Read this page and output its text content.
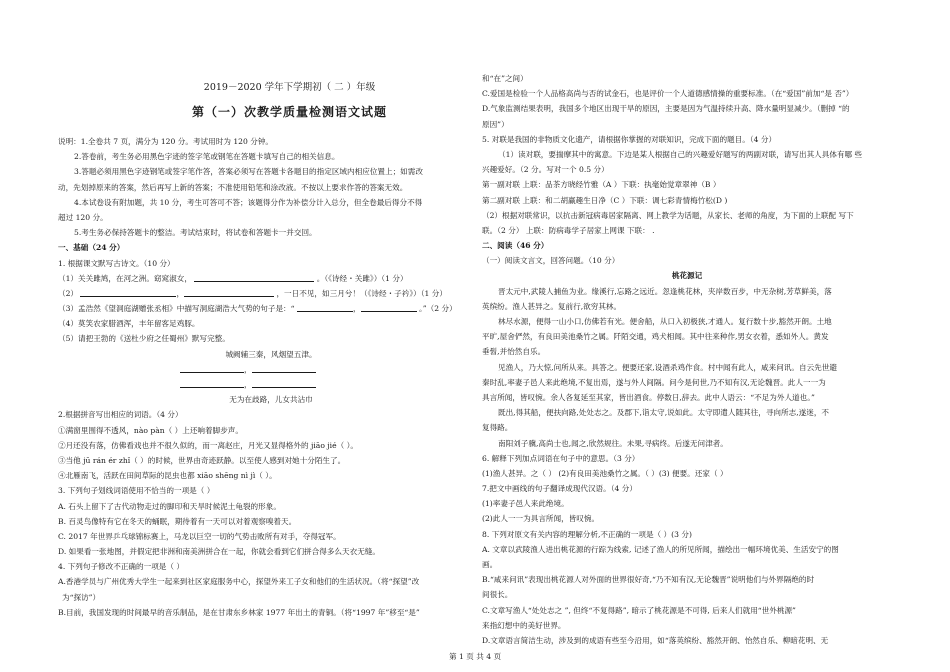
2019－2020 学年下学期初（ 二 ）年级
第（一）次教学质量检测语文试题
说明：1.全卷共 7 页，满分为 120 分。考试用时为 120 分钟。
2.答卷前，考生务必用黑色字迹的签字笔或钢笔在答题卡填写自己的相关信息。
3.答题必须用黑色字迹钢笔或签字笔作答，答案必须写在答题卡各题目的指定区域内相应位置上；如需改
动，先划掉原来的答案，然后再写上新的答案；不准使用铅笔和涂改液。不按以上要求作答的答案无效。
4.本试卷设有附加题，共 10 分，考生可答可不答；该题得分作为补偿分计入总分，但全卷最后得分不得
超过 120 分。
5.考生务必保持答题卡的整洁。考试结束时，将试卷和答题卡一并交回。
一、基础（24 分）
1. 根据课文默写古诗文。（10 分）
（1）关关雎鸠，在河之洲。窈窕淑女，	。（《诗经・关雎》）（1 分）
（2）	，	，一日不见，如三月兮！（《诗经・子衿》）（1 分）
（3）孟浩然《望洞庭湖赠张丞相》中描写洞庭湖浩大气势的句子是：“	，	。”（2 分）
（4）莫笑农家腊酒浑，丰年留客足鸡豚。
（5）请把王勃的《送杜少府之任蜀州》默写完整。
城阙辅三秦，风烟望五津。
，
，
无为在歧路，儿女共沾巾
2.根据拼音写出相应的词语。（4 分）
①满窗里围得不透风，nào pàn（ ）上还响着脚步声。
②月还没有落，仿佛看戏也并不很久似的，而一离赵庄，月光又显得格外的 jiāo jié（ ）。
③当他 jū rán ér zhǐ（ ）的时候，世界由奇迹跃静。以至使人感到对她十分陌生了。
④北雁南飞，活跃在田间草际的昆虫也都 xiāo shēng nì jì（ ）。
3. 下列句子划线词语使用不恰当的一项是（ ）
A. 石头上留下了古代动物走过的脚印和天旱时候泥土龟裂的形象。
B. 百灵鸟像特有它在冬天的蛹眠，期待着有一天可以对着观察嗅着天。
C. 2017 年世界乒乓球锦标赛上，马龙以巨空一切的气势击败所有对手，夺得冠军。
D. 如果看一张地图，并假定把非洲和南美洲拼合在一起，你就会看到它们拼合得多么天衣无缝。
4. 下列句子修改不正确的一项是（ ）
A.香港学员与广州优秀大学生一起来到社区家庭服务中心，探望外来工子女和他们的生活状况。（将“探望”改
为“探访”）
B.目前，我国发现的时间最早的音乐制品，是在甘肃东乡林家 1977 年出土的青铜。（将“1997 年”移至“是”
和“在”之间）
C.爱国是检验一个人品格高尚与否的试金石，也是评价一个人道德感情操的重要标准。（在“爱国”前加“是 否”）
D.气象监测结果表明，我国多个地区出现干旱的原因，主要是因为气温持续升高、降水量明显减少。（删掉 “的
原因”）
5. 对联是我国的非物质文化遗产，请根据你掌握的对联知识，完成下面的题目。（4 分）
（1）读对联，要揣摩其中的寓意。下边是某人根据自己的兴趣爱好题写的两副对联，请写出其人具体有哪 些
兴趣爱好。（2 分。写对一个 0.5 分）
第一副对联 上联：品茶方晓经竹雅（A ）下联：执毫始觉章翠神（B ）
第二副对联 上联：和二胡赢趣生日净（C ）下联：调七彩青情梅竹松(D )
（2）根据对联常识，以抗击新冠病毒居家隔离、网上教学为话题，从家长、老师的角度，为下面的上联配 写下
联。（2 分） 上联：防病毒学子居家上网课 下联： .
二、阅读（46 分）
（一）阅读文言文，回答问题。（10 分）
桃花源记
晋太元中,武陵人捕鱼为业。缘溪行,忘路之远近。忽逢桃花林，夹岸数百步，中无杂树,芳草鲜美，落
英缤纷。渔人甚异之。复前行,欲穷其林。
林尽水源，便得一山小口,仿佛若有光。便舍船，从口入初极狭,才通人。复行数十步,豁然开朗。土地
平旷,屋舍俨然，有良田美池桑竹之属。阡陌交通，鸡犬相闻。其中往来种作,男女衣着，悉如外人。黄发
垂髫,并怡然自乐。
见渔人，乃大惊,问所从来。具答之。便要还家,设酒杀鸡作食。村中闻有此人，咸来问讯。自云先世避
秦时乱,率妻子邑人来此绝境,不复出焉，遂与外人间隔。问今是何世,乃不知有汉,无论魏晋。此人一一为
具言所闻，皆叹惋。余人各复延至其家，皆出酒食。停数日,辞去。此中人语云：“不足为外人道也。”
既出,得其船，便扶向路,处处志之。及郡下,诣太守,说如此。太守即遣人随其往，寻向所志,遂迷，不
复得路。
南阳刘子骥,高尚士也,闻之,欣然规往。未果,寻病终。后遂无问津者。
6. 解释下列加点词语在句子中的意思。（3 分）
(1)渔人甚异。之（ ） (2)有良田美池桑竹之属。（ ）(3) 便要。还家（ ）
7.把文中画线的句子翻译成现代汉语。（4 分）
(1)率妻子邑人来此绝境。
(2)此人一一为具言所闻，皆叹惋。
8. 下列对原文有关内容的理解分析,不正确的一项是（ ）(3 分)
A. 文章以武陵渔人进出桃花源的行踪为线索, 记述了渔人的所见所闻，描绘出一幅环境优美、生活安宁的图
画。
B.“咸来问讯”表现出桃花源人对外面的世界很好奇,“乃不知有汉,无论魏晋”说明他们与外界隔绝的时
间很长。
C.文章写渔人“处处志之 ”, 但终“不复得路”, 暗示了桃花源是不可得, 后来人们就用“世外桃源”
来指幻想中的美好世界。
D.文章语言简洁生动，涉及到的成语有些至今沿用，如“落英缤纷、豁然开朗、怡然自乐、柳暗花明、无
第 1 页 共 4 页
